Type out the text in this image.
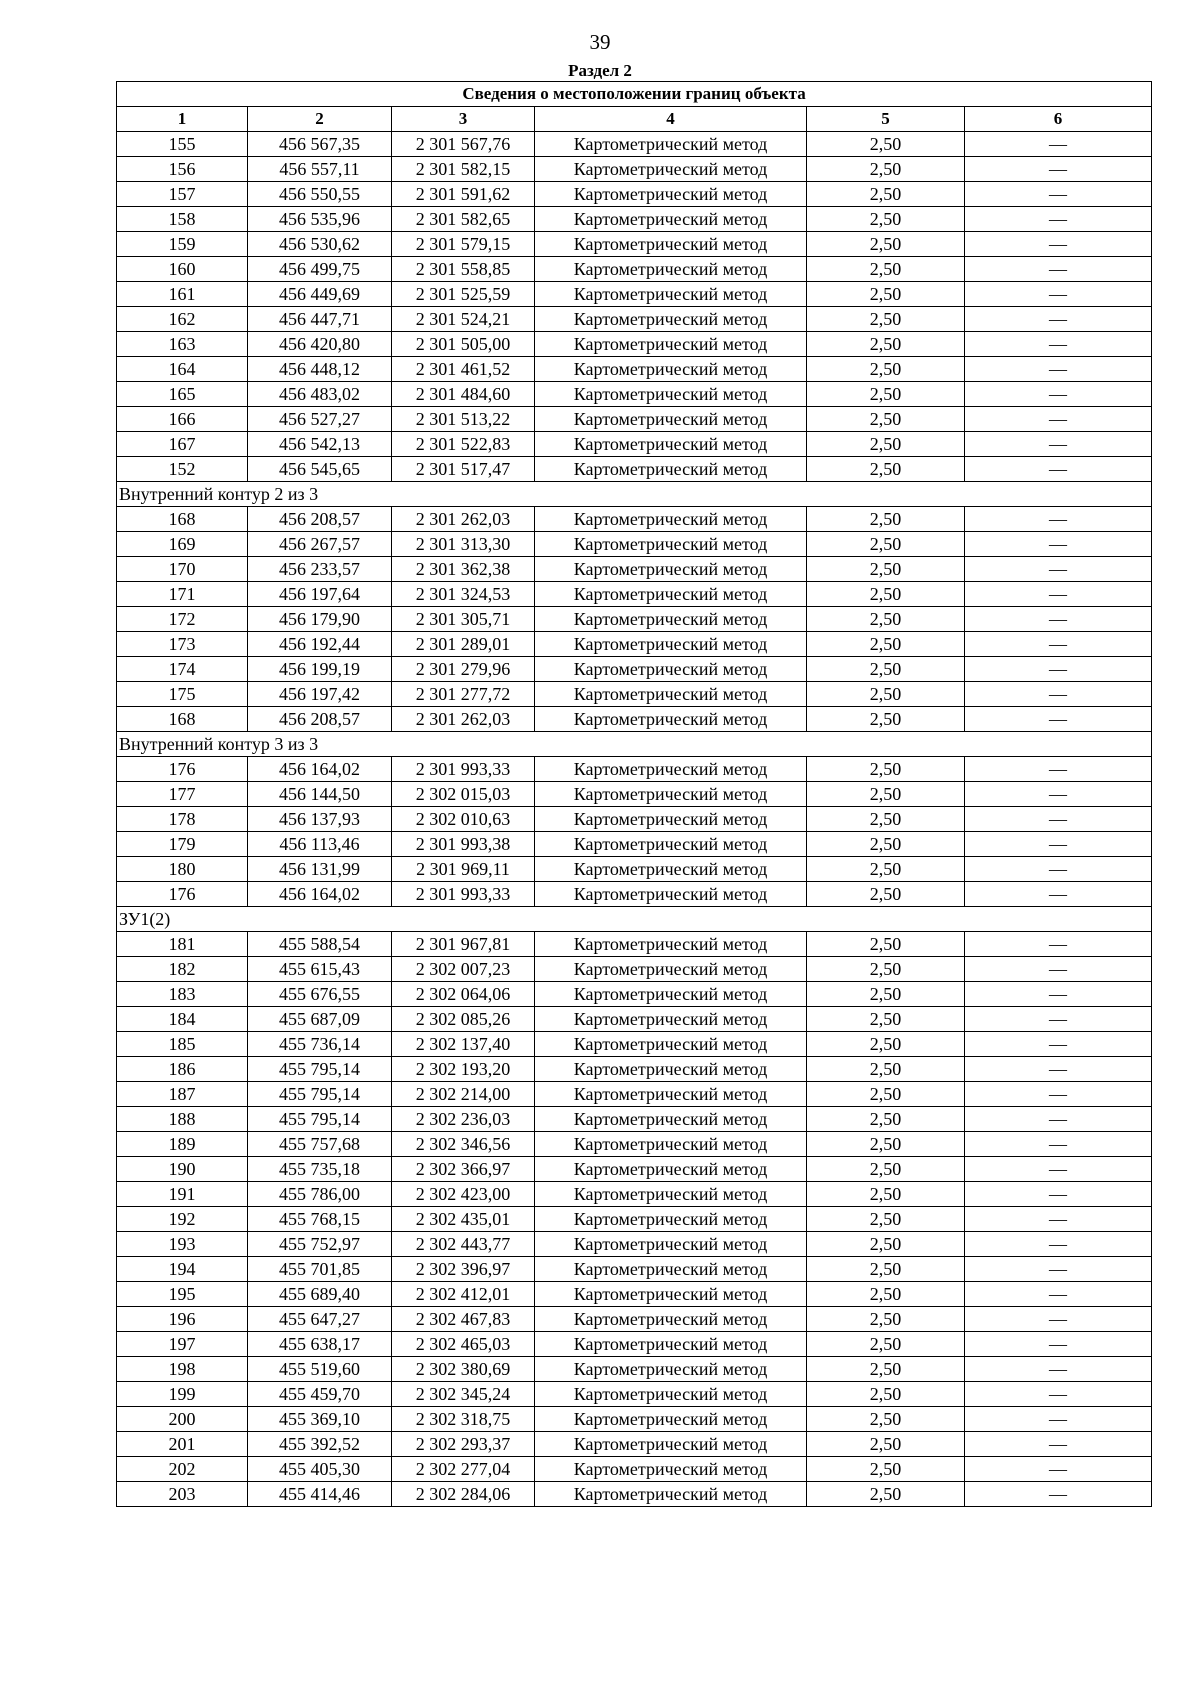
39
Раздел 2
Сведения о местоположении границ объекта					
1	2	3	4	5	6
155	456 567,35	2 301 567,76	Картометрический метод	2,50	—
156	456 557,11	2 301 582,15	Картометрический метод	2,50	—
157	456 550,55	2 301 591,62	Картометрический метод	2,50	—
158	456 535,96	2 301 582,65	Картометрический метод	2,50	—
159	456 530,62	2 301 579,15	Картометрический метод	2,50	—
160	456 499,75	2 301 558,85	Картометрический метод	2,50	—
161	456 449,69	2 301 525,59	Картометрический метод	2,50	—
162	456 447,71	2 301 524,21	Картометрический метод	2,50	—
163	456 420,80	2 301 505,00	Картометрический метод	2,50	—
164	456 448,12	2 301 461,52	Картометрический метод	2,50	—
165	456 483,02	2 301 484,60	Картометрический метод	2,50	—
166	456 527,27	2 301 513,22	Картометрический метод	2,50	—
167	456 542,13	2 301 522,83	Картометрический метод	2,50	—
152	456 545,65	2 301 517,47	Картометрический метод	2,50	—
Внутренний контур 2 из 3					
168	456 208,57	2 301 262,03	Картометрический метод	2,50	—
169	456 267,57	2 301 313,30	Картометрический метод	2,50	—
170	456 233,57	2 301 362,38	Картометрический метод	2,50	—
171	456 197,64	2 301 324,53	Картометрический метод	2,50	—
172	456 179,90	2 301 305,71	Картометрический метод	2,50	—
173	456 192,44	2 301 289,01	Картометрический метод	2,50	—
174	456 199,19	2 301 279,96	Картометрический метод	2,50	—
175	456 197,42	2 301 277,72	Картометрический метод	2,50	—
168	456 208,57	2 301 262,03	Картометрический метод	2,50	—
Внутренний контур 3 из 3					
176	456 164,02	2 301 993,33	Картометрический метод	2,50	—
177	456 144,50	2 302 015,03	Картометрический метод	2,50	—
178	456 137,93	2 302 010,63	Картометрический метод	2,50	—
179	456 113,46	2 301 993,38	Картометрический метод	2,50	—
180	456 131,99	2 301 969,11	Картометрический метод	2,50	—
176	456 164,02	2 301 993,33	Картометрический метод	2,50	—
ЗУ1(2)					
181	455 588,54	2 301 967,81	Картометрический метод	2,50	—
182	455 615,43	2 302 007,23	Картометрический метод	2,50	—
183	455 676,55	2 302 064,06	Картометрический метод	2,50	—
184	455 687,09	2 302 085,26	Картометрический метод	2,50	—
185	455 736,14	2 302 137,40	Картометрический метод	2,50	—
186	455 795,14	2 302 193,20	Картометрический метод	2,50	—
187	455 795,14	2 302 214,00	Картометрический метод	2,50	—
188	455 795,14	2 302 236,03	Картометрический метод	2,50	—
189	455 757,68	2 302 346,56	Картометрический метод	2,50	—
190	455 735,18	2 302 366,97	Картометрический метод	2,50	—
191	455 786,00	2 302 423,00	Картометрический метод	2,50	—
192	455 768,15	2 302 435,01	Картометрический метод	2,50	—
193	455 752,97	2 302 443,77	Картометрический метод	2,50	—
194	455 701,85	2 302 396,97	Картометрический метод	2,50	—
195	455 689,40	2 302 412,01	Картометрический метод	2,50	—
196	455 647,27	2 302 467,83	Картометрический метод	2,50	—
197	455 638,17	2 302 465,03	Картометрический метод	2,50	—
198	455 519,60	2 302 380,69	Картометрический метод	2,50	—
199	455 459,70	2 302 345,24	Картометрический метод	2,50	—
200	455 369,10	2 302 318,75	Картометрический метод	2,50	—
201	455 392,52	2 302 293,37	Картометрический метод	2,50	—
202	455 405,30	2 302 277,04	Картометрический метод	2,50	—
203	455 414,46	2 302 284,06	Картометрический метод	2,50	—
